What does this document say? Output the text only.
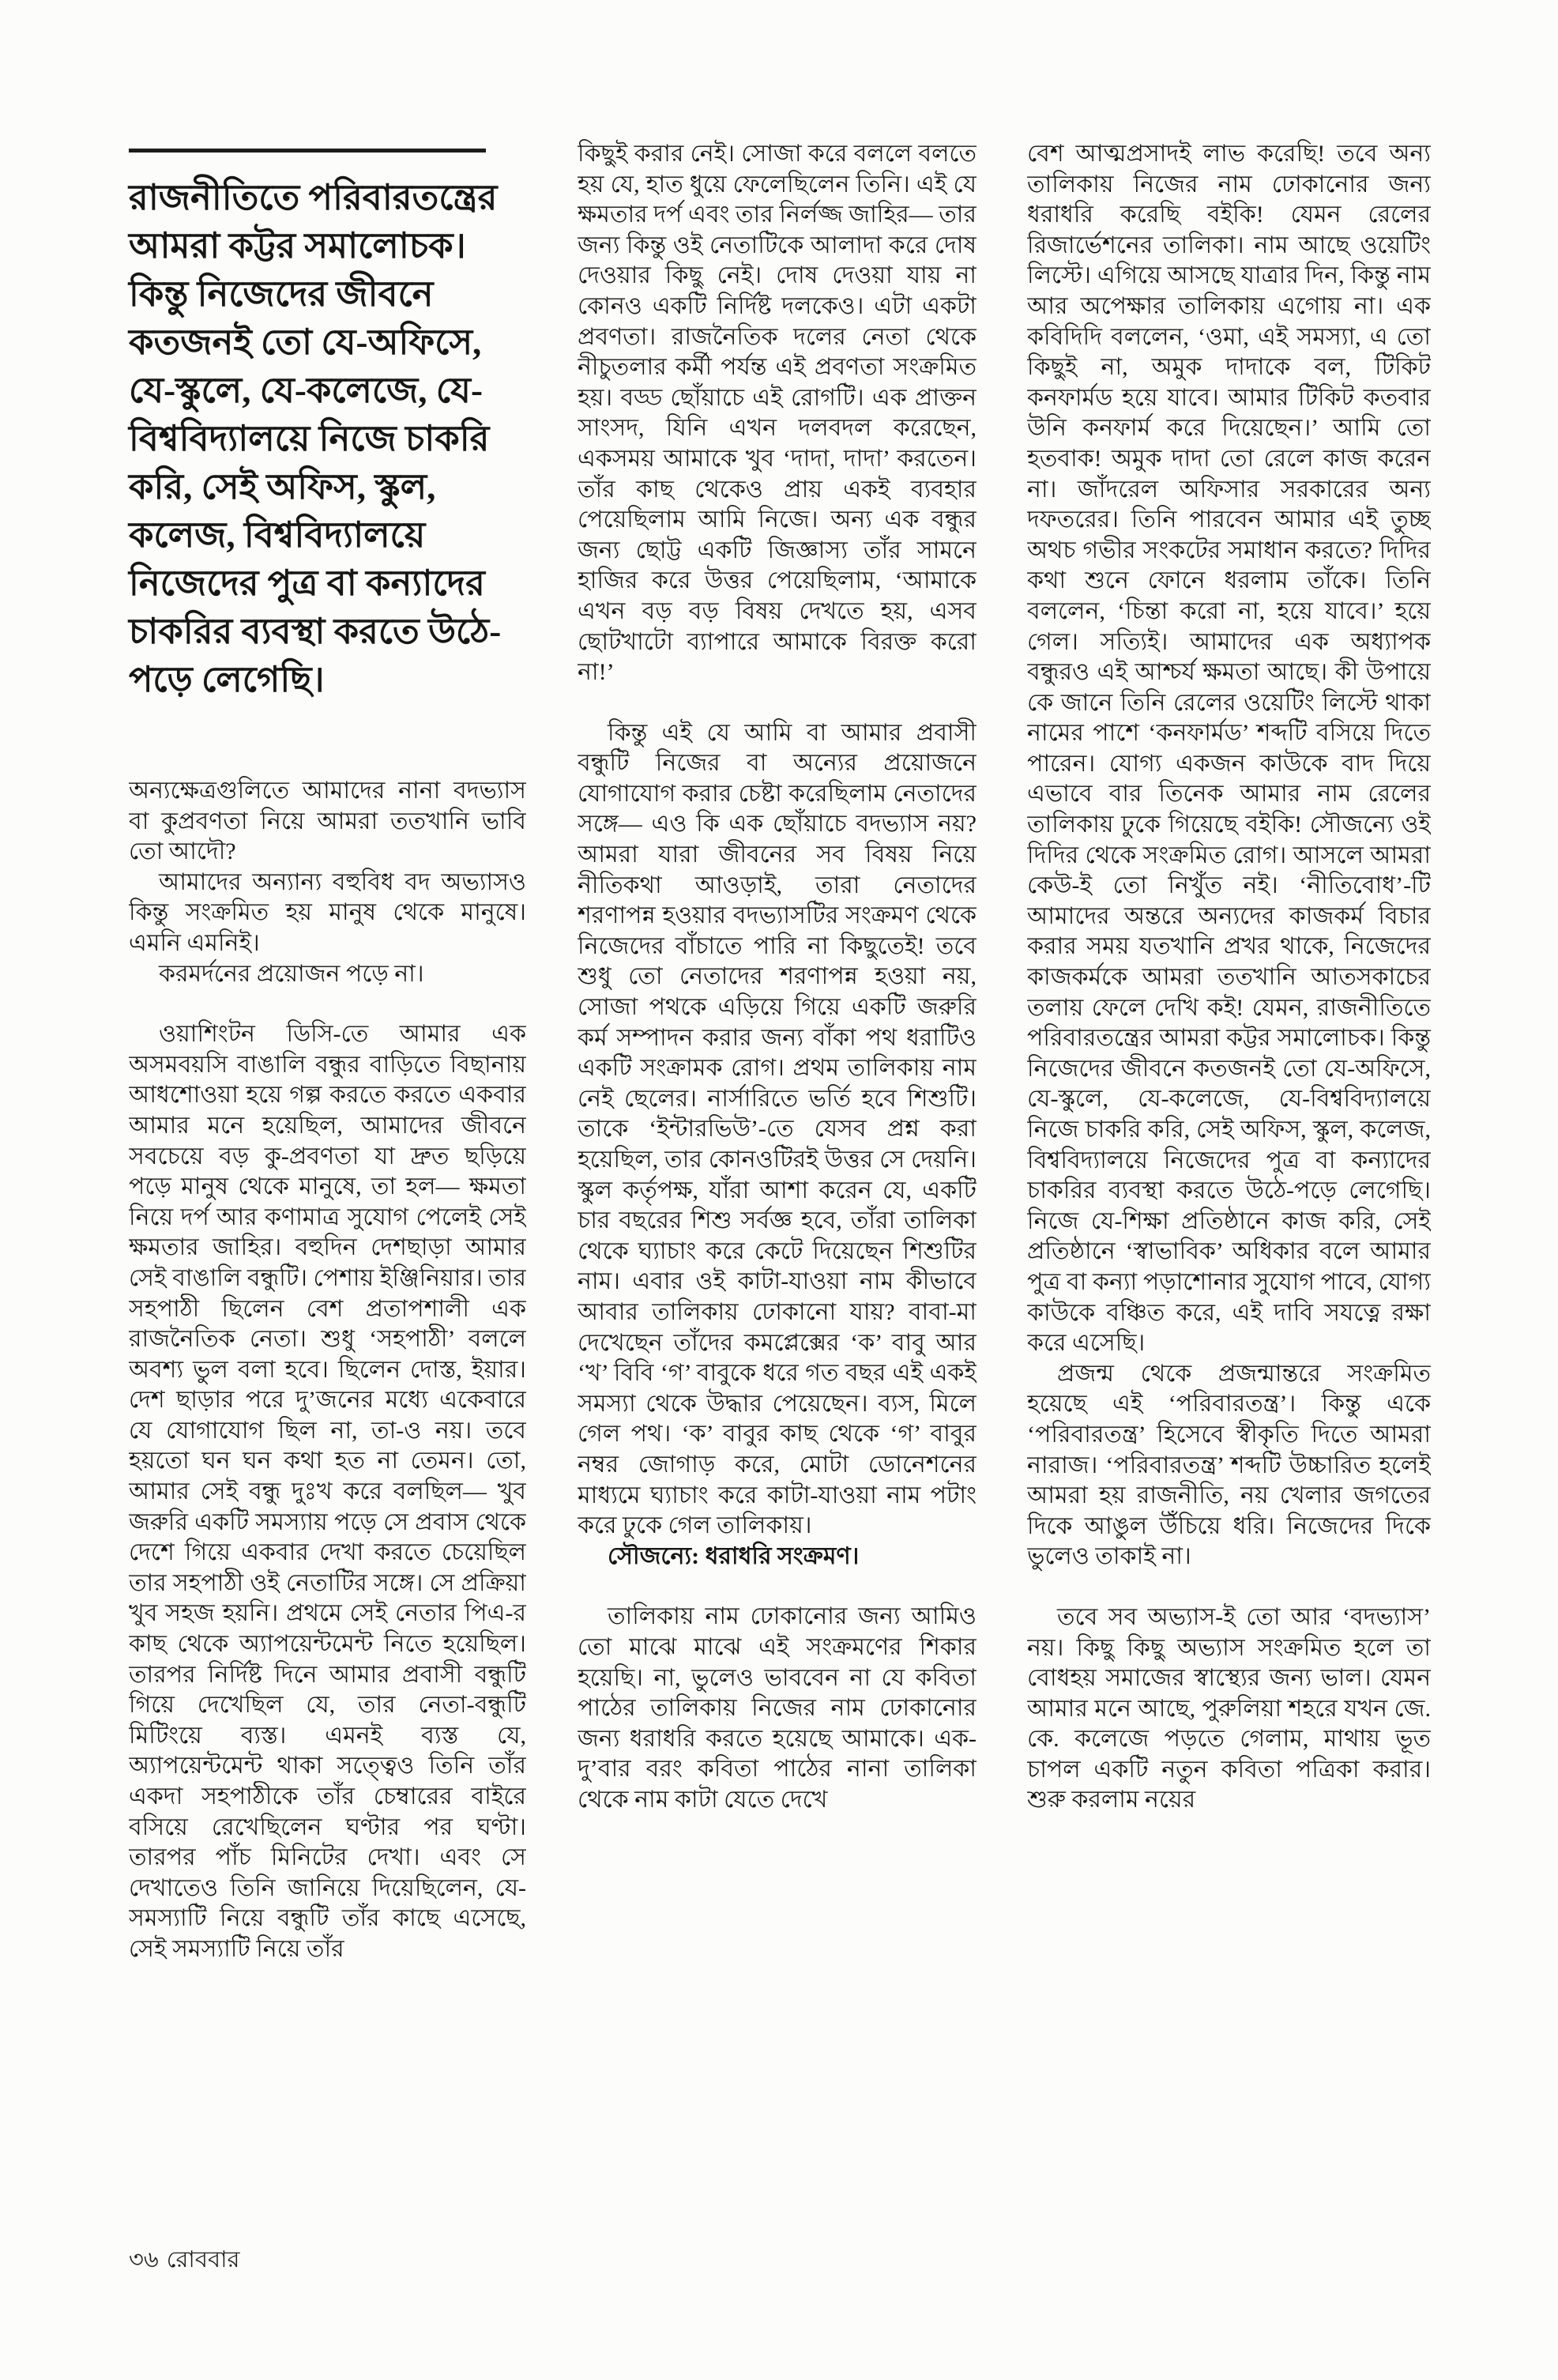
রাজনীতিতে পরিবারতন্ত্রের আমরা কট্টর সমালোচক। কিন্তু নিজেদের জীবনে কতজনই তো যে-অফিসে, যে-স্কুলে, যে-কলেজে, যে-বিশ্ববিদ্যালয়ে নিজে চাকরি করি, সেই অফিস, স্কুল, কলেজ, বিশ্ববিদ্যালয়ে নিজেদের পুত্র বা কন্যাদের চাকরির ব্যবস্থা করতে উঠে-পড়ে লেগেছি।

অন্যক্ষেত্রগুলিতে আমাদের নানা বদভ্যাস বা কুপ্রবণতা নিয়ে আমরা ততখানি ভাবি তো আদৌ?

আমাদের অন্যান্য বহুবিধ বদ অভ্যাসও কিন্তু সংক্রমিত হয় মানুষ থেকে মানুষে। এমনি এমনিই।

করমর্দনের প্রয়োজন পড়ে না।

ওয়াশিংটন ডিসি-তে আমার এক অসমবয়সি বাঙালি বন্ধুর বাড়িতে বিছানায় আধশোওয়া হয়ে গল্প করতে করতে একবার আমার মনে হয়েছিল, আমাদের জীবনে সবচেয়ে বড় কু-প্রবণতা যা দ্রুত ছড়িয়ে পড়ে মানুষ থেকে মানুষে, তা হল— ক্ষমতা নিয়ে দর্প আর কণামাত্র সুযোগ পেলেই সেই ক্ষমতার জাহির। বহুদিন দেশছাড়া আমার সেই বাঙালি বন্ধুটি। পেশায় ইঞ্জিনিয়ার। তার সহপাঠী ছিলেন বেশ প্রতাপশালী এক রাজনৈতিক নেতা। শুধু ‘সহপাঠী’ বললে অবশ্য ভুল বলা হবে। ছিলেন দোস্ত, ইয়ার। দেশ ছাড়ার পরে দু’জনের মধ্যে একেবারে যে যোগাযোগ ছিল না, তা-ও নয়। তবে হয়তো ঘন ঘন কথা হত না তেমন। তো, আমার সেই বন্ধু দুঃখ করে বলছিল— খুব জরুরি একটি সমস্যায় পড়ে সে প্রবাস থেকে দেশে গিয়ে একবার দেখা করতে চেয়েছিল তার সহপাঠী ওই নেতাটির সঙ্গে। সে প্রক্রিয়া খুব সহজ হয়নি। প্রথমে সেই নেতার পিএ-র কাছ থেকে অ্যাপয়েন্টমেন্ট নিতে হয়েছিল। তারপর নির্দিষ্ট দিনে আমার প্রবাসী বন্ধুটি গিয়ে দেখেছিল যে, তার নেতা-বন্ধুটি মিটিংয়ে ব্যস্ত। এমনই ব্যস্ত যে, অ্যাপয়েন্টমেন্ট থাকা সত্ত্বেও তিনি তাঁর একদা সহপাঠীকে তাঁর চেম্বারের বাইরে বসিয়ে রেখেছিলেন ঘণ্টার পর ঘণ্টা। তারপর পাঁচ মিনিটের দেখা। এবং সে দেখাতেও তিনি জানিয়ে দিয়েছিলেন, যে-সমস্যাটি নিয়ে বন্ধুটি তাঁর কাছে এসেছে, সেই সমস্যাটি নিয়ে তাঁর

কিছুই করার নেই। সোজা করে বললে বলতে হয় যে, হাত ধুয়ে ফেলেছিলেন তিনি। এই যে ক্ষমতার দর্প এবং তার নির্লজ্জ জাহির— তার জন্য কিন্তু ওই নেতাটিকে আলাদা করে দোষ দেওয়ার কিছু নেই। দোষ দেওয়া যায় না কোনও একটি নির্দিষ্ট দলকেও। এটা একটা প্রবণতা। রাজনৈতিক দলের নেতা থেকে নীচুতলার কর্মী পর্যন্ত এই প্রবণতা সংক্রমিত হয়। বড্ড ছোঁয়াচে এই রোগটি। এক প্রাক্তন সাংসদ, যিনি এখন দলবদল করেছেন, একসময় আমাকে খুব ‘দাদা, দাদা’ করতেন। তাঁর কাছ থেকেও প্রায় একই ব্যবহার পেয়েছিলাম আমি নিজে। অন্য এক বন্ধুর জন্য ছোট্ট একটি জিজ্ঞাস্য তাঁর সামনে হাজির করে উত্তর পেয়েছিলাম, ‘আমাকে এখন বড় বড় বিষয় দেখতে হয়, এসব ছোটখাটো ব্যাপারে আমাকে বিরক্ত করো না!’

কিন্তু এই যে আমি বা আমার প্রবাসী বন্ধুটি নিজের বা অন্যের প্রয়োজনে যোগাযোগ করার চেষ্টা করেছিলাম নেতাদের সঙ্গে— এও কি এক ছোঁয়াচে বদভ্যাস নয়? আমরা যারা জীবনের সব বিষয় নিয়ে নীতিকথা আওড়াই, তারা নেতাদের শরণাপন্ন হওয়ার বদভ্যাসটির সংক্রমণ থেকে নিজেদের বাঁচাতে পারি না কিছুতেই! তবে শুধু তো নেতাদের শরণাপন্ন হওয়া নয়, সোজা পথকে এড়িয়ে গিয়ে একটি জরুরি কর্ম সম্পাদন করার জন্য বাঁকা পথ ধরাটিও একটি সংক্রামক রোগ। প্রথম তালিকায় নাম নেই ছেলের। নার্সারিতে ভর্তি হবে শিশুটি। তাকে ‘ইন্টারভিউ’-তে যেসব প্রশ্ন করা হয়েছিল, তার কোনওটিরই উত্তর সে দেয়নি। স্কুল কর্তৃপক্ষ, যাঁরা আশা করেন যে, একটি চার বছরের শিশু সর্বজ্ঞ হবে, তাঁরা তালিকা থেকে ঘ্যাচাং করে কেটে দিয়েছেন শিশুটির নাম। এবার ওই কাটা-যাওয়া নাম কীভাবে আবার তালিকায় ঢোকানো যায়? বাবা-মা দেখেছেন তাঁদের কমপ্লেক্সের ‘ক’ বাবু আর ‘খ’ বিবি ‘গ’ বাবুকে ধরে গত বছর এই একই সমস্যা থেকে উদ্ধার পেয়েছেন। ব্যস, মিলে গেল পথ। ‘ক’ বাবুর কাছ থেকে ‘গ’ বাবুর নম্বর জোগাড় করে, মোটা ডোনেশনের মাধ্যমে ঘ্যাচাং করে কাটা-যাওয়া নাম পটাং করে ঢুকে গেল তালিকায়।

সৌজন্যে: ধরাধরি সংক্রমণ।

তালিকায় নাম ঢোকানোর জন্য আমিও তো মাঝে মাঝে এই সংক্রমণের শিকার হয়েছি। না, ভুলেও ভাববেন না যে কবিতা পাঠের তালিকায় নিজের নাম ঢোকানোর জন্য ধরাধরি করতে হয়েছে আমাকে। এক-দু’বার বরং কবিতা পাঠের নানা তালিকা থেকে নাম কাটা যেতে দেখে

বেশ আত্মপ্রসাদই লাভ করেছি! তবে অন্য তালিকায় নিজের নাম ঢোকানোর জন্য ধরাধরি করেছি বইকি! যেমন রেলের রিজার্ভেশনের তালিকা। নাম আছে ওয়েটিং লিস্টে। এগিয়ে আসছে যাত্রার দিন, কিন্তু নাম আর অপেক্ষার তালিকায় এগোয় না। এক কবিদিদি বললেন, ‘ওমা, এই সমস্যা, এ তো কিছুই না, অমুক দাদাকে বল, টিকিট কনফার্মড হয়ে যাবে। আমার টিকিট কতবার উনি কনফার্ম করে দিয়েছেন।’ আমি তো হতবাক! অমুক দাদা তো রেলে কাজ করেন না। জাঁদরেল অফিসার সরকারের অন্য দফতরের। তিনি পারবেন আমার এই তুচ্ছ অথচ গভীর সংকটের সমাধান করতে? দিদির কথা শুনে ফোনে ধরলাম তাঁকে। তিনি বললেন, ‘চিন্তা করো না, হয়ে যাবে।’ হয়ে গেল। সত্যিই। আমাদের এক অধ্যাপক বন্ধুরও এই আশ্চর্য ক্ষমতা আছে। কী উপায়ে কে জানে তিনি রেলের ওয়েটিং লিস্টে থাকা নামের পাশে ‘কনফার্মড’ শব্দটি বসিয়ে দিতে পারেন। যোগ্য একজন কাউকে বাদ দিয়ে এভাবে বার তিনেক আমার নাম রেলের তালিকায় ঢুকে গিয়েছে বইকি! সৌজন্যে ওই দিদির থেকে সংক্রমিত রোগ। আসলে আমরা কেউ-ই তো নিখুঁত নই। ‘নীতিবোধ’-টি আমাদের অন্তরে অন্যদের কাজকর্ম বিচার করার সময় যতখানি প্রখর থাকে, নিজেদের কাজকর্মকে আমরা ততখানি আতসকাচের তলায় ফেলে দেখি কই! যেমন, রাজনীতিতে পরিবারতন্ত্রের আমরা কট্টর সমালোচক। কিন্তু নিজেদের জীবনে কতজনই তো যে-অফিসে, যে-স্কুলে, যে-কলেজে, যে-বিশ্ববিদ্যালয়ে নিজে চাকরি করি, সেই অফিস, স্কুল, কলেজ, বিশ্ববিদ্যালয়ে নিজেদের পুত্র বা কন্যাদের চাকরির ব্যবস্থা করতে উঠে-পড়ে লেগেছি। নিজে যে-শিক্ষা প্রতিষ্ঠানে কাজ করি, সেই প্রতিষ্ঠানে ‘স্বাভাবিক’ অধিকার বলে আমার পুত্র বা কন্যা পড়াশোনার সুযোগ পাবে, যোগ্য কাউকে বঞ্চিত করে, এই দাবি সযত্নে রক্ষা করে এসেছি।

প্রজন্ম থেকে প্রজন্মান্তরে সংক্রমিত হয়েছে এই ‘পরিবারতন্ত্র’। কিন্তু একে ‘পরিবারতন্ত্র’ হিসেবে স্বীকৃতি দিতে আমরা নারাজ। ‘পরিবারতন্ত্র’ শব্দটি উচ্চারিত হলেই আমরা হয় রাজনীতি, নয় খেলার জগতের দিকে আঙুল উঁচিয়ে ধরি। নিজেদের দিকে ভুলেও তাকাই না।

তবে সব অভ্যাস-ই তো আর ‘বদভ্যাস’ নয়। কিছু কিছু অভ্যাস সংক্রমিত হলে তা বোধহয় সমাজের স্বাস্থ্যের জন্য ভাল। যেমন আমার মনে আছে, পুরুলিয়া শহরে যখন জে. কে. কলেজে পড়তে গেলাম, মাথায় ভূত চাপল একটি নতুন কবিতা পত্রিকা করার। শুরু করলাম নয়ের

৩৬ রোববার
